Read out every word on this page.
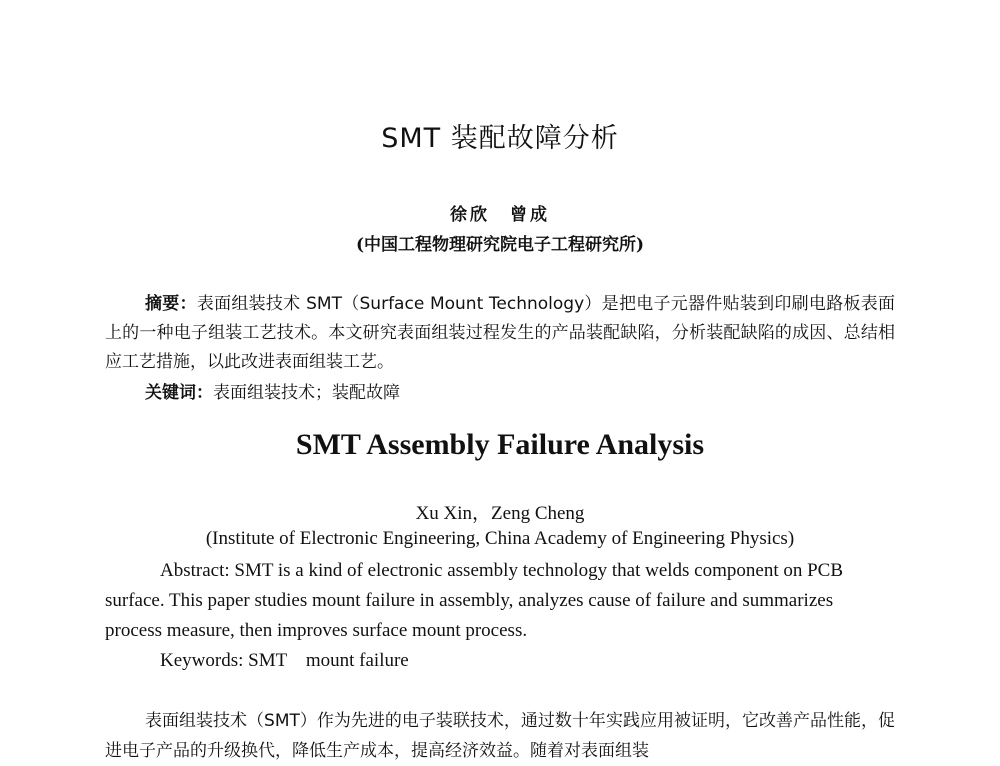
SMT 装配故障分析
徐欣　曾成
(中国工程物理研究院电子工程研究所)
摘要：表面组装技术 SMT（Surface Mount Technology）是把电子元器件贴装到印刷电路板表面上的一种电子组装工艺技术。本文研究表面组装过程发生的产品装配缺陷，分析装配缺陷的成因、总结相应工艺措施，以此改进表面组装工艺。
关键词：表面组装技术；装配故障
SMT Assembly Failure Analysis
Xu Xin，Zeng Cheng
(Institute of Electronic Engineering, China Academy of Engineering Physics)
Abstract: SMT is a kind of electronic assembly technology that welds component on PCB surface. This paper studies mount failure in assembly, analyzes cause of failure and summarizes process measure, then improves surface mount process.
Keywords: SMT    mount failure
表面组装技术（SMT）作为先进的电子装联技术，通过数十年实践应用被证明，它改善产品性能，促进电子产品的升级换代，降低生产成本，提高经济效益。随着对表面组装
